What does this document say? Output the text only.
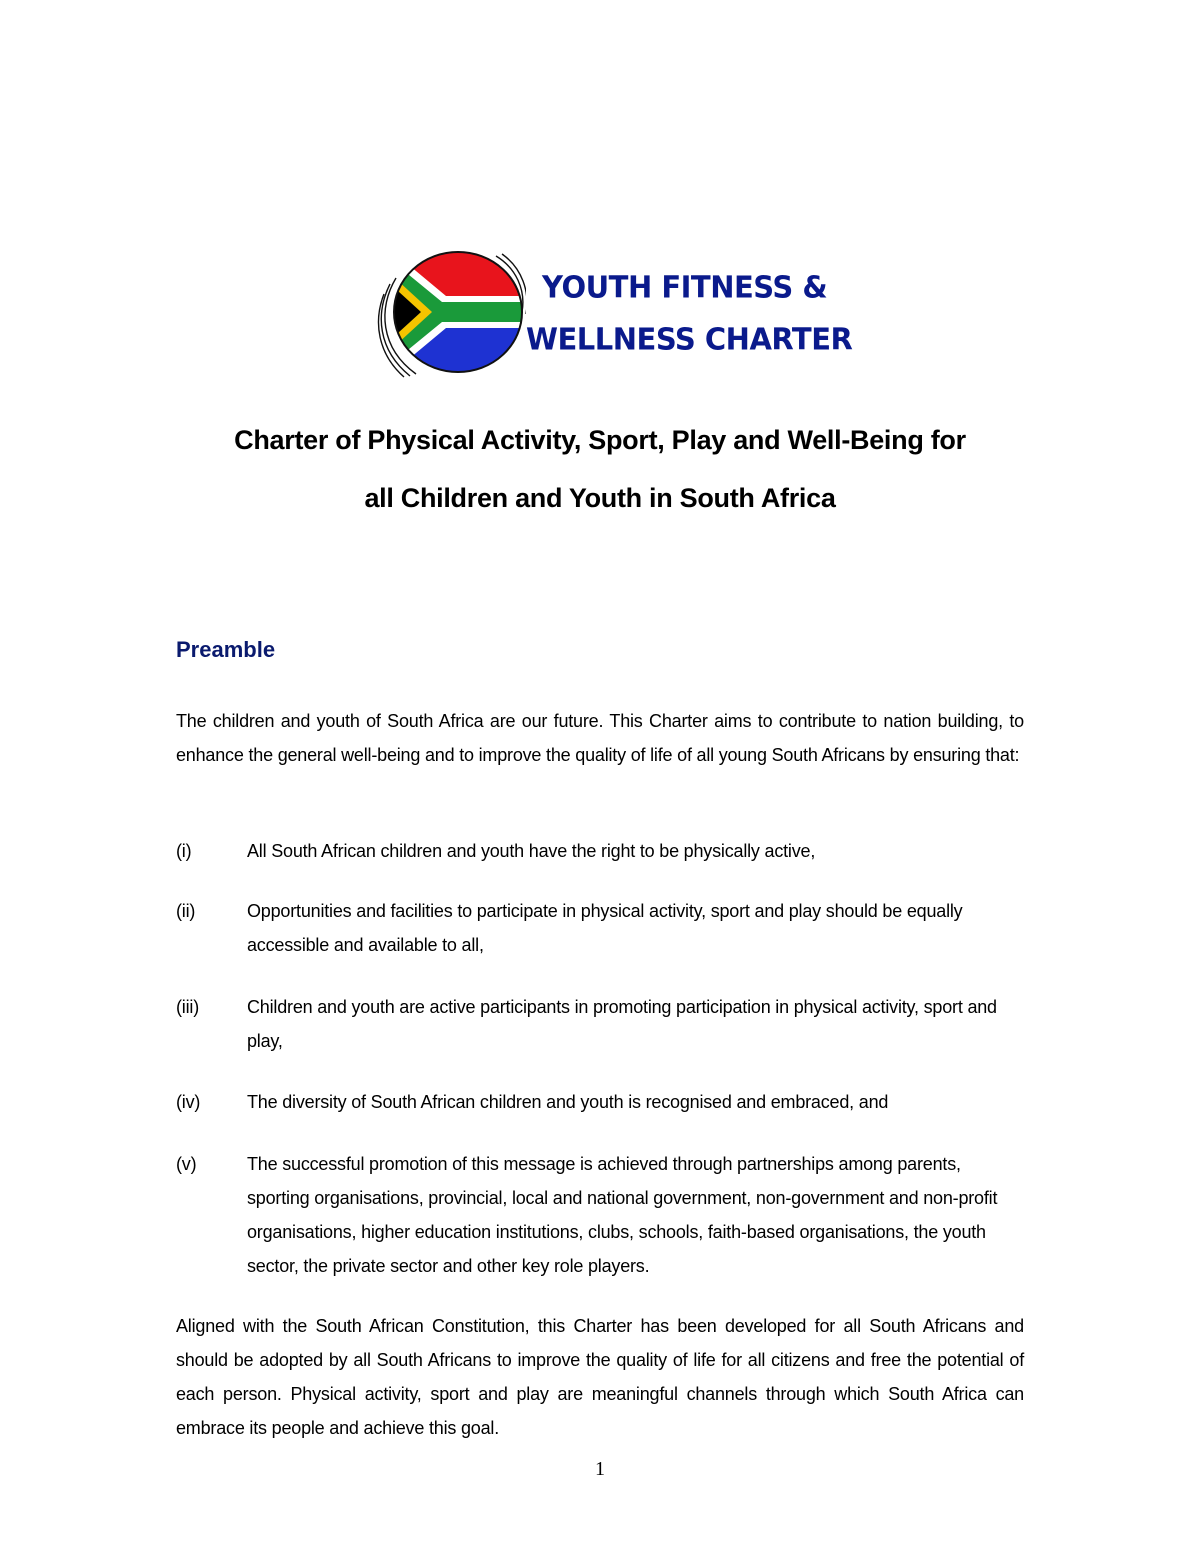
YOUTH FITNESS &
WELLNESS CHARTER
Charter of Physical Activity, Sport, Play and Well-Being for
all Children and Youth in South Africa
Preamble
The children and youth of South Africa are our future. This Charter aims to contribute to nation building, to enhance the general well-being and to improve the quality of life of all young South Africans by ensuring that:
(i)	All South African children and youth have the right to be physically active,
(ii)	Opportunities and facilities to participate in physical activity, sport and play should be equally accessible and available to all,
(iii)	Children and youth are active participants in promoting participation in physical activity, sport and play,
(iv)	The diversity of South African children and youth is recognised and embraced, and
(v)	The successful promotion of this message is achieved through partnerships among parents, sporting organisations, provincial, local and national government, non-government and non-profit organisations, higher education institutions, clubs, schools, faith-based organisations, the youth sector, the private sector and other key role players.
Aligned with the South African Constitution, this Charter has been developed for all South Africans and should be adopted by all South Africans to improve the quality of life for all citizens and free the potential of each person. Physical activity, sport and play are meaningful channels through which South Africa can embrace its people and achieve this goal.
1
